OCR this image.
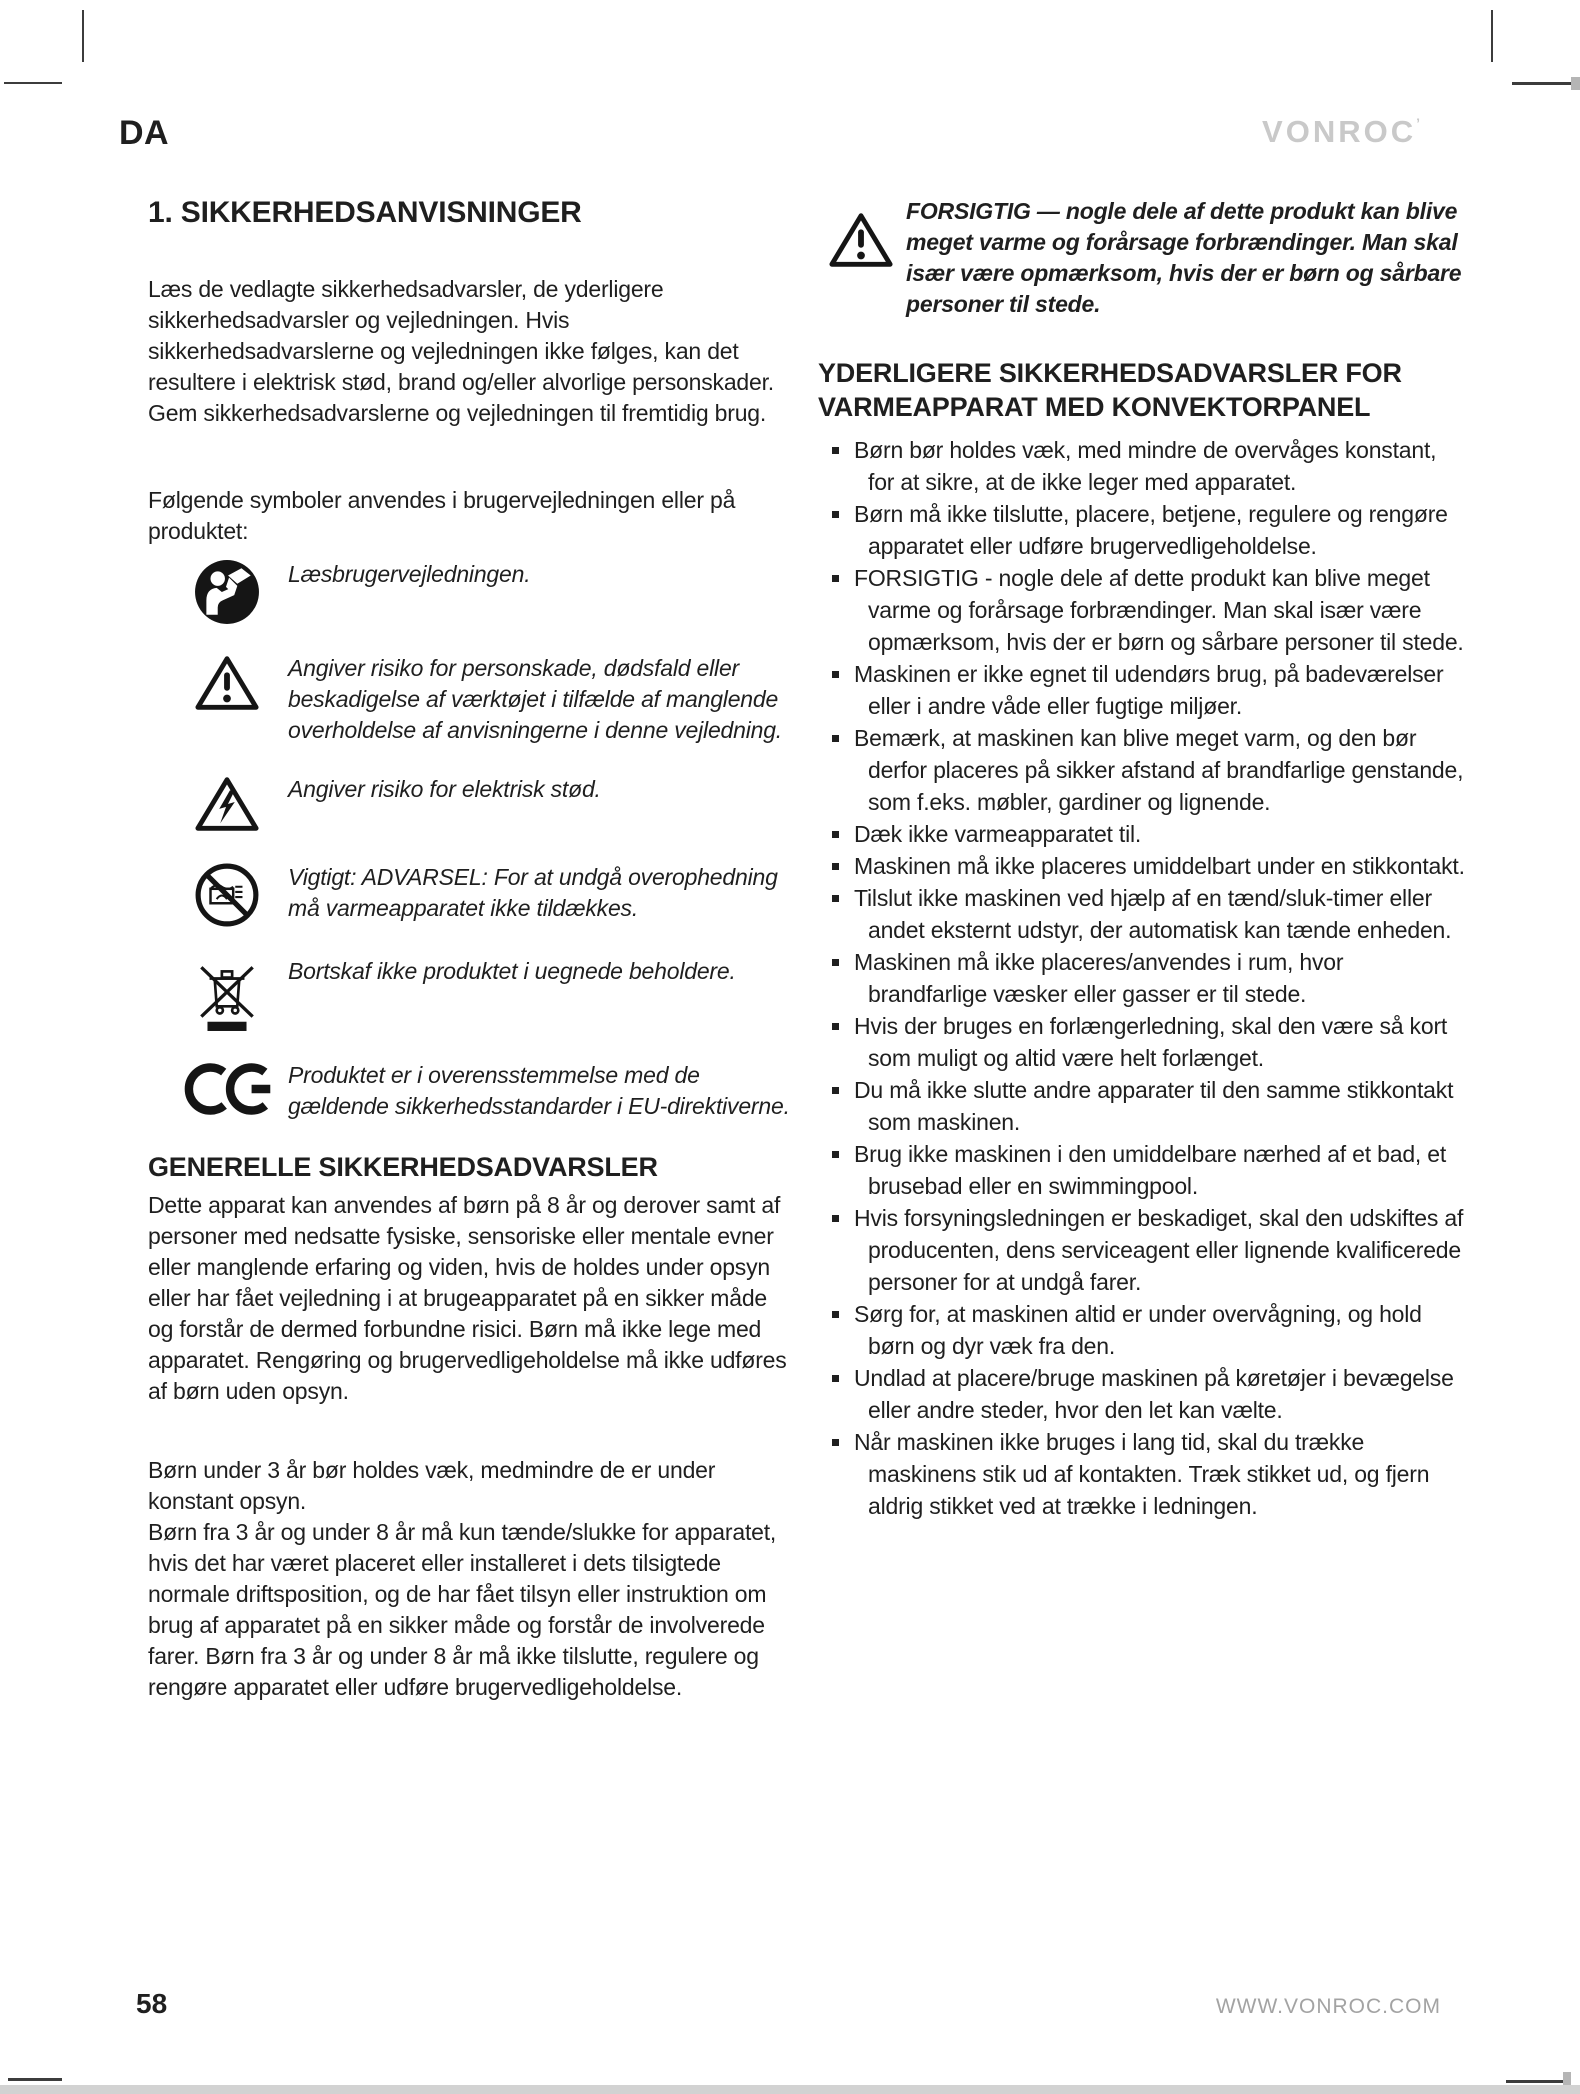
DA	VONROC’
1. SIKKERHEDSANVISNINGER

Læs de vedlagte sikkerhedsadvarsler, de yderligere sikkerhedsadvarsler og vejledningen. Hvis sikkerhedsadvarslerne og vejledningen ikke følges, kan det resultere i elektrisk stød, brand og/eller alvorlige personskader. Gem sikkerhedsadvarslerne og vejledningen til fremtidig brug.

Følgende symboler anvendes i brugervejledningen eller på produktet:

Læsbrugervejledningen.
Angiver risiko for personskade, dødsfald eller beskadigelse af værktøjet i tilfælde af manglende overholdelse af anvisningerne i denne vejledning.
Angiver risiko for elektrisk stød.
Vigtigt: ADVARSEL: For at undgå overophedning må varmeapparatet ikke tildækkes.
Bortskaf ikke produktet i uegnede beholdere.
Produktet er i overensstemmelse med de gældende sikkerhedsstandarder i EU-direktiverne.
GENERELLE SIKKERHEDSADVARSLER

Dette apparat kan anvendes af børn på 8 år og derover samt af personer med nedsatte fysiske, sensoriske eller mentale evner eller manglende erfaring og viden, hvis de holdes under opsyn eller har fået vejledning i at brugeapparatet på en sikker måde og forstår de dermed forbundne risici. Børn må ikke lege med apparatet. Rengøring og brugervedligeholdelse må ikke udføres af børn uden opsyn.

Børn under 3 år bør holdes væk, medmindre de er under konstant opsyn.

Børn fra 3 år og under 8 år må kun tænde/slukke for apparatet, hvis det har været placeret eller installeret i dets tilsigtede normale driftsposition, og de har fået tilsyn eller instruktion om brug af apparatet på en sikker måde og forstår de involverede farer. Børn fra 3 år og under 8 år må ikke tilslutte, regulere og rengøre apparatet eller udføre brugervedligeholdelse.

FORSIGTIG — nogle dele af dette produkt kan blive meget varme og forårsage forbrændinger. Man skal især være opmærksom, hvis der er børn og sårbare personer til stede.
YDERLIGERE SIKKERHEDSADVARSLER FOR VARMEAPPARAT MED KONVEKTORPANEL
Børn bør holdes væk, med mindre de overvåges konstant, for at sikre, at de ikke leger med apparatet.
Børn må ikke tilslutte, placere, betjene, regulere og rengøre apparatet eller udføre brugervedligeholdelse.
FORSIGTIG - nogle dele af dette produkt kan blive meget varme og forårsage forbrændinger. Man skal især være opmærksom, hvis der er børn og sårbare personer til stede.
Maskinen er ikke egnet til udendørs brug, på badeværelser eller i andre våde eller fugtige miljøer.
Bemærk, at maskinen kan blive meget varm, og den bør derfor placeres på sikker afstand af brandfarlige genstande, som f.eks. møbler, gardiner og lignende.
Dæk ikke varmeapparatet til.
Maskinen må ikke placeres umiddelbart under en stikkontakt.
Tilslut ikke maskinen ved hjælp af en tænd/sluk-timer eller andet eksternt udstyr, der automatisk kan tænde enheden.
Maskinen må ikke placeres/anvendes i rum, hvor brandfarlige væsker eller gasser er til stede.
Hvis der bruges en forlængerledning, skal den være så kort som muligt og altid være helt forlænget.
Du må ikke slutte andre apparater til den samme stikkontakt som maskinen.
Brug ikke maskinen i den umiddelbare nærhed af et bad, et brusebad eller en swimmingpool.
Hvis forsyningsledningen er beskadiget, skal den udskiftes af producenten, dens serviceagent eller lignende kvalificerede personer for at undgå farer.
Sørg for, at maskinen altid er under overvågning, og hold børn og dyr væk fra den.
Undlad at placere/bruge maskinen på køretøjer i bevægelse eller andre steder, hvor den let kan vælte.
Når maskinen ikke bruges i lang tid, skal du trække maskinens stik ud af kontakten. Træk stikket ud, og fjern aldrig stikket ved at trække i ledningen.
58	WWW.VONROC.COM
